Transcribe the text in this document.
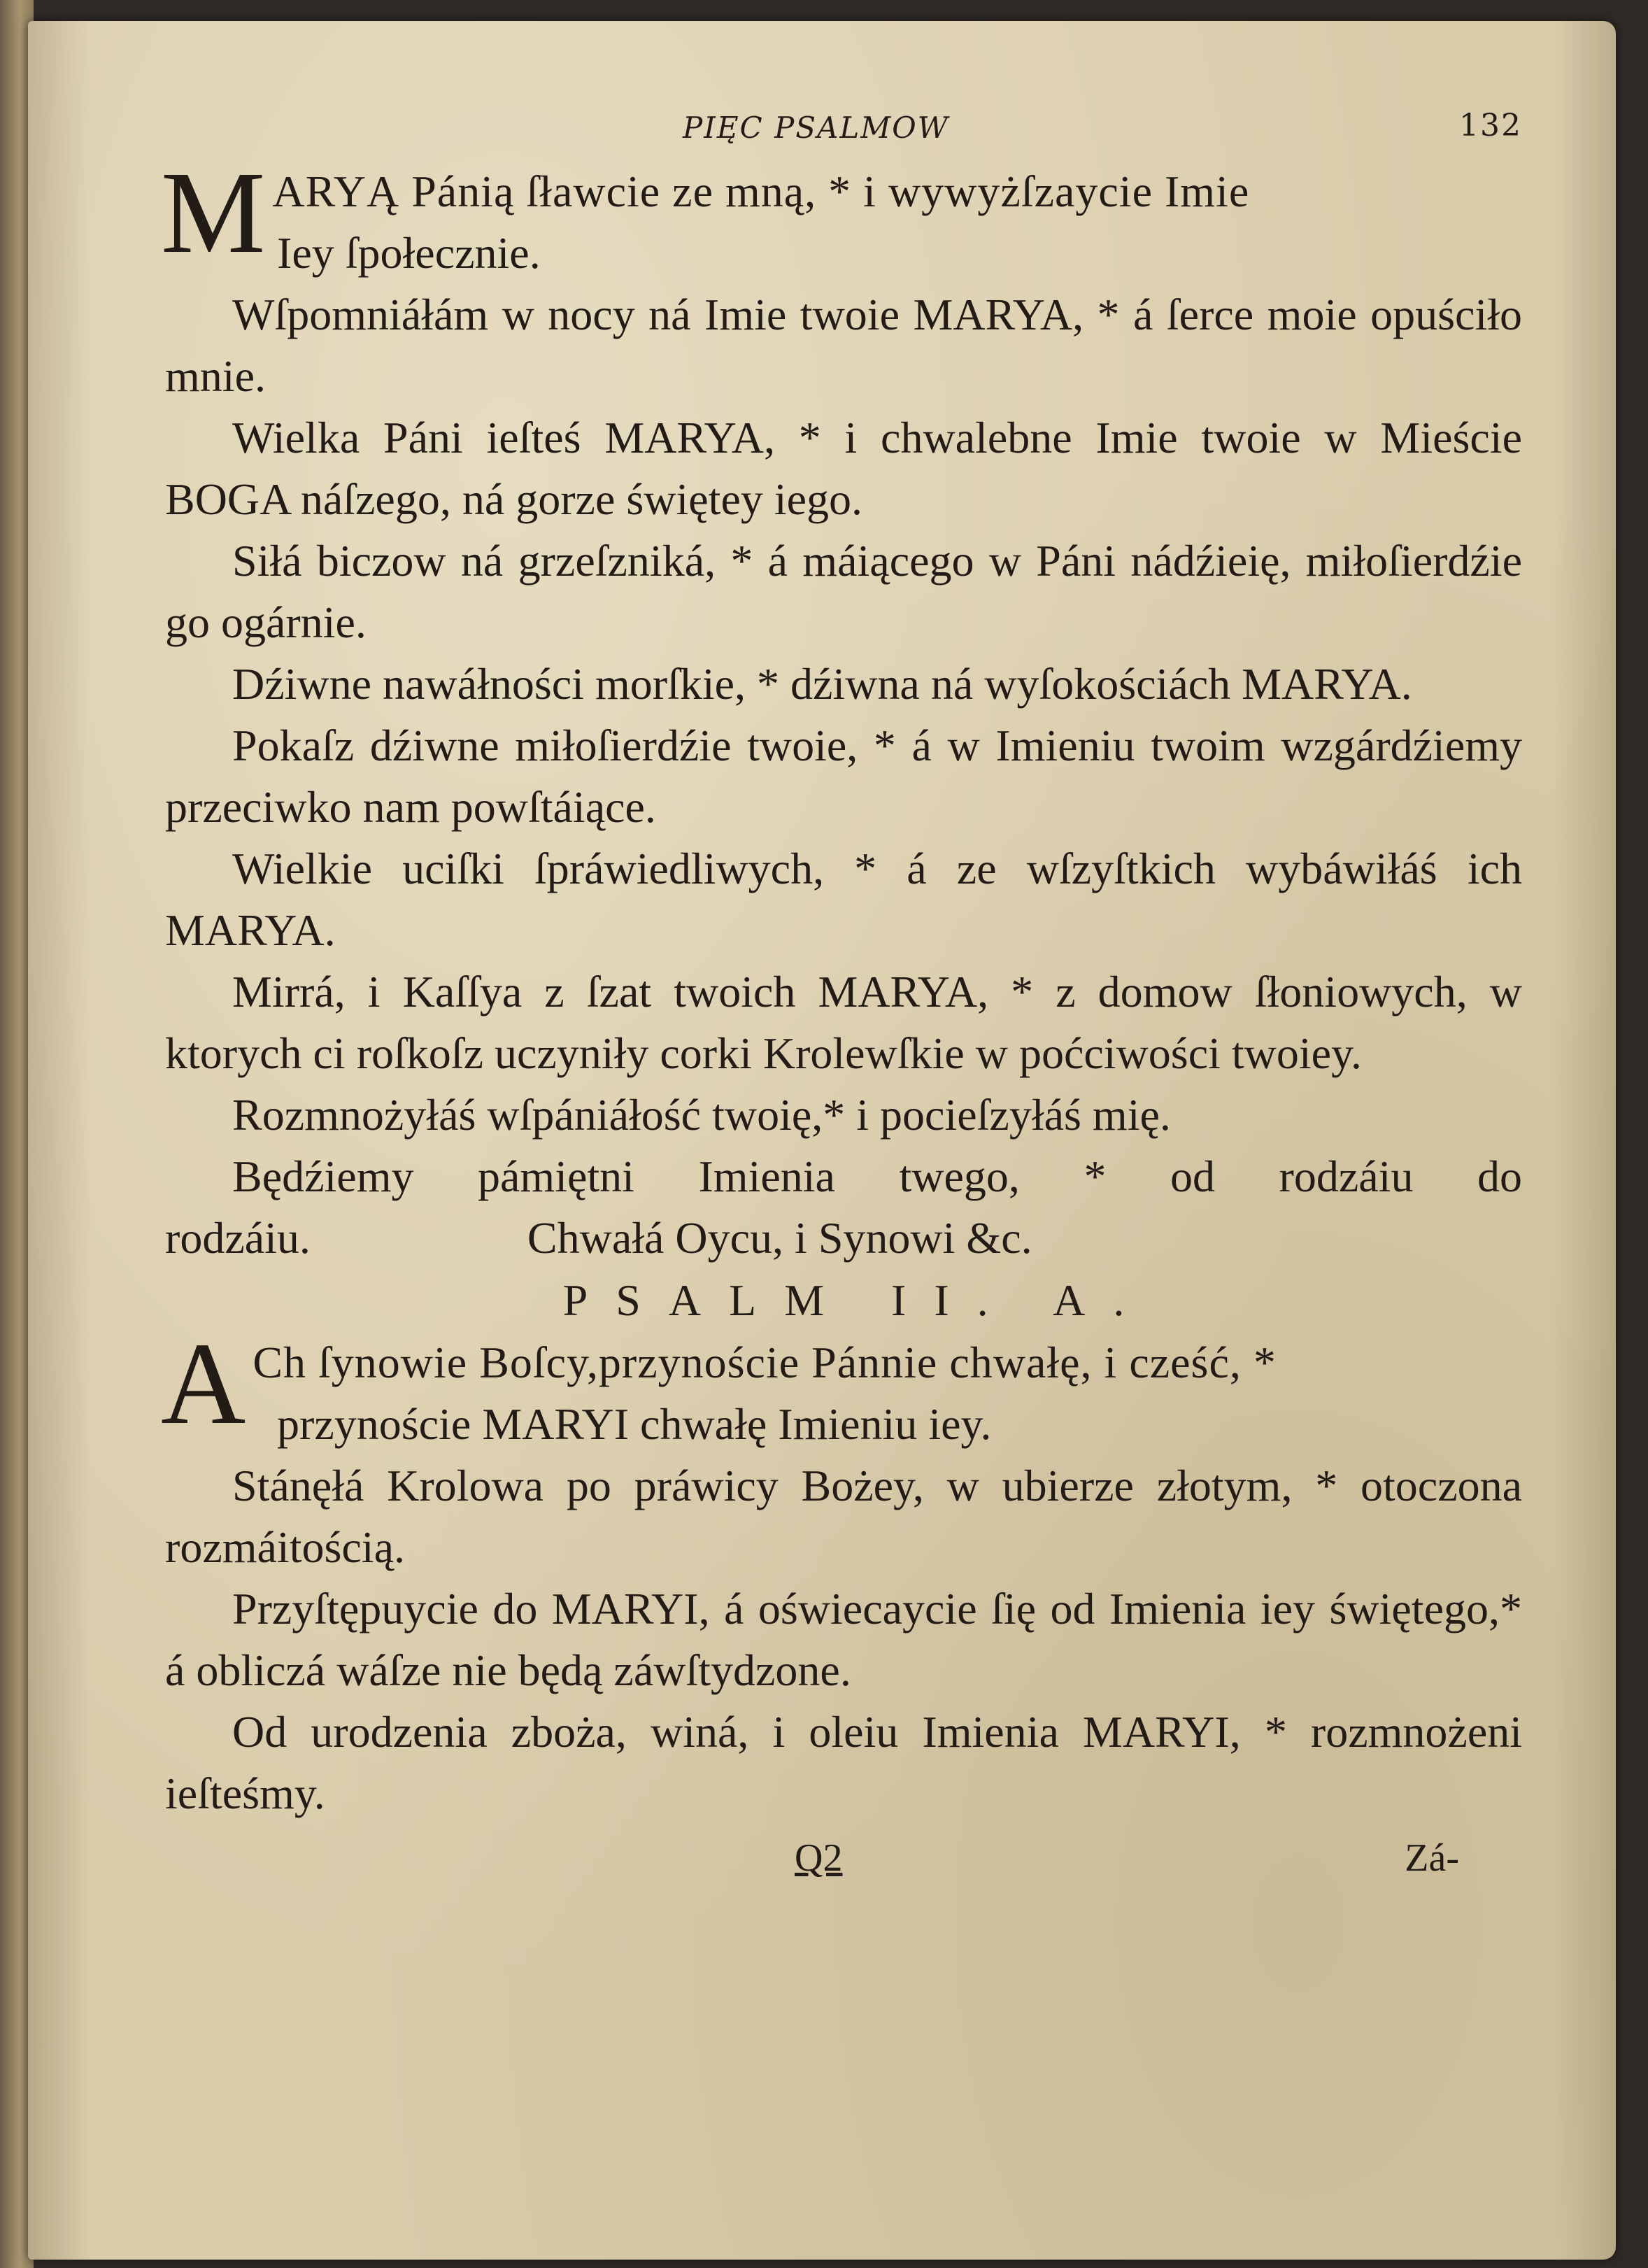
PIĘC PSALMOW	132

M ARYĄ Pánią ſławcie ze mną, * i wywyżſzaycie Imie
Iey ſpołecznie.

Wſpomniáłám w nocy ná Imie twoie MARYA, * á ſerce moie opuściło mnie.

Wielka Páni ieſteś MARYA, * i chwalebne Imie twoie w Mieście BOGA náſzego, ná gorze świętey iego.

Siłá biczow ná grzeſzniká, * á máiącego w Páni nádźieię, miłoſierdźie go ogárnie.

Dźiwne nawáłności morſkie, * dźiwna ná wyſokościách MARYA.

Pokaſz dźiwne miłoſierdźie twoie, * á w Imieniu twoim wzgárdźiemy przeciwko nam powſtáiące.

Wielkie uciſki ſpráwiedliwych, * á ze wſzyſtkich wybáwiłáś ich MARYA.

Mirrá, i Kaſſya z ſzat twoich MARYA, * z domow ſłoniowych, w ktorych ci roſkoſz uczyniły corki Krolewſkie w poćciwości twoiey.

Rozmnożyłáś wſpániáłość twoię,* i pocieſzyłáś mię.

Będźiemy pámiętni Imienia twego, * od rodzáiu do rodzáiu.	Chwałá Oycu, i Synowi &c.

PSALM II. A.

A Ch ſynowie Boſcy,przynoście Pánnie chwałę, i cześć, *
przynoście MARYI chwałę Imieniu iey.

Stánęłá Krolowa po práwicy Bożey, w ubierze złotym, * otoczona rozmáitością.

Przyſtępuycie do MARYI, á oświecaycie ſię od Imienia iey świętego,* á obliczá wáſze nie będą záwſtydzone.

Od urodzenia zboża, winá, i oleiu Imienia MARYI, * rozmnożeni ieſteśmy.

Q2	Zá-
